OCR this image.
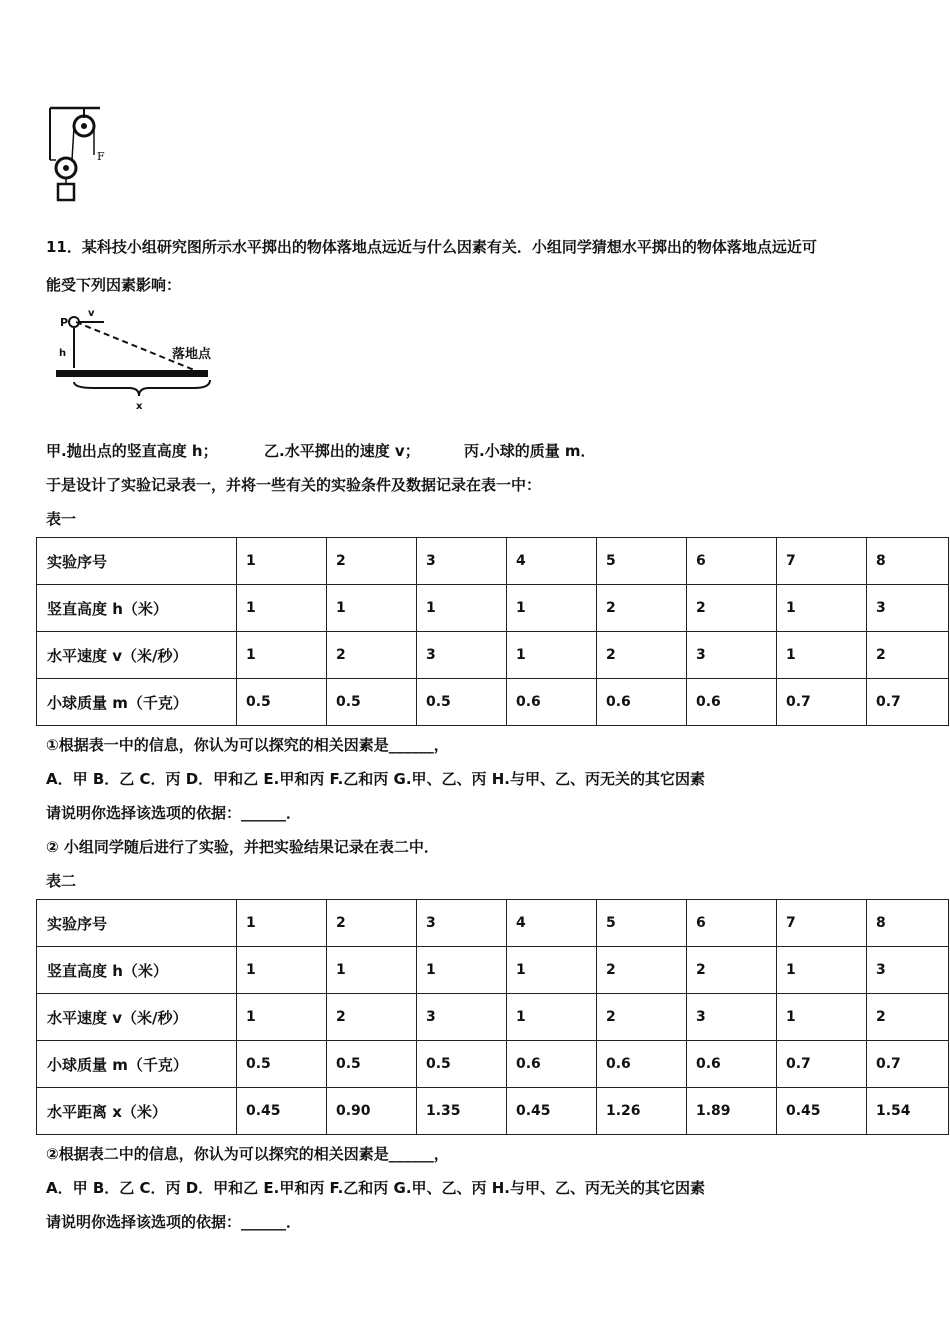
F
11．某科技小组研究图所示水平掷出的物体落地点远近与什么因素有关．小组同学猜想水平掷出的物体落地点远近可
能受下列因素影响：
P
v
h	落地点
x
甲.抛出点的竖直高度 h；	乙.水平掷出的速度 v；	丙.小球的质量 m．
于是设计了实验记录表一，并将一些有关的实验条件及数据记录在表一中：
表一
实验序号	1	2	3	4	5	6	7	8
竖直高度 h（米）	1	1	1	1	2	2	1	3
水平速度 v（米/秒）	1	2	3	1	2	3	1	2
小球质量 m（千克）	0.5	0.5	0.5	0.6	0.6	0.6	0.7	0.7
①根据表一中的信息，你认为可以探究的相关因素是______，
A．甲 B．乙 C．丙 D．甲和乙 E.甲和丙 F.乙和丙 G.甲、乙、丙 H.与甲、乙、丙无关的其它因素
请说明你选择该选项的依据：______．
② 小组同学随后进行了实验，并把实验结果记录在表二中．
表二
实验序号	1	2	3	4	5	6	7	8
竖直高度 h（米）	1	1	1	1	2	2	1	3
水平速度 v（米/秒）	1	2	3	1	2	3	1	2
小球质量 m（千克）	0.5	0.5	0.5	0.6	0.6	0.6	0.7	0.7
水平距离 x（米）	0.45	0.90	1.35	0.45	1.26	1.89	0.45	1.54
②根据表二中的信息，你认为可以探究的相关因素是______，
A．甲 B．乙 C．丙 D．甲和乙 E.甲和丙 F.乙和丙 G.甲、乙、丙 H.与甲、乙、丙无关的其它因素
请说明你选择该选项的依据：______．
